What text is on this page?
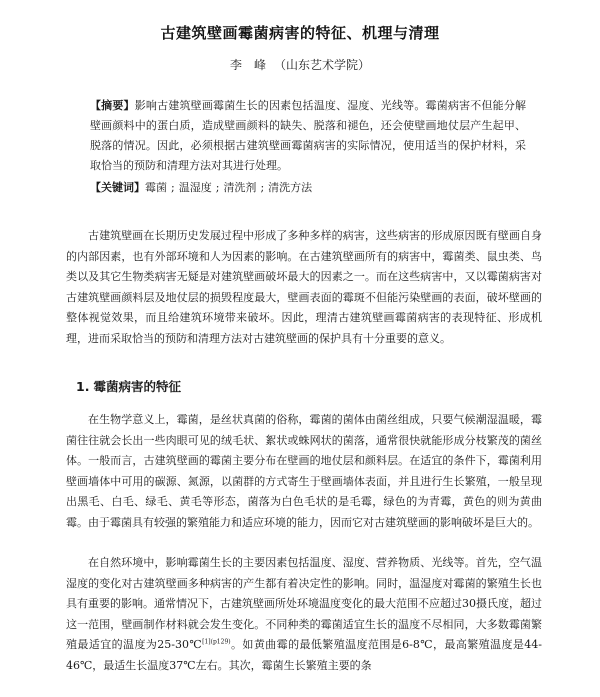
古建筑壁画霉菌病害的特征、机理与清理
李　峰 （山东艺术学院）

【摘要】影响古建筑壁画霉菌生长的因素包括温度、湿度、光线等。霉菌病害不但能分解壁画颜料中的蛋白质，造成壁画颜料的缺失、脱落和褪色，还会使壁画地仗层产生起甲、脱落的情况。因此，必须根据古建筑壁画霉菌病害的实际情况，使用适当的保护材料，采取恰当的预防和清理方法对其进行处理。

【关键词】霉菌 ; 温湿度 ; 清洗剂 ; 清洗方法

古建筑壁画在长期历史发展过程中形成了多种多样的病害，这些病害的形成原因既有壁画自身的内部因素，也有外部环境和人为因素的影响。在古建筑壁画所有的病害中，霉菌类、鼠虫类、鸟类以及其它生物类病害无疑是对建筑壁画破坏最大的因素之一。而在这些病害中，又以霉菌病害对古建筑壁画颜料层及地仗层的损毁程度最大，壁画表面的霉斑不但能污染壁画的表面，破坏壁画的整体视觉效果，而且给建筑环境带来破坏。因此，理清古建筑壁画霉菌病害的表现特征、形成机理，进而采取恰当的预防和清理方法对古建筑壁画的保护具有十分重要的意义。

1. 霉菌病害的特征

在生物学意义上，霉菌，是丝状真菌的俗称，霉菌的菌体由菌丝组成，只要气候潮湿温暖，霉菌往往就会长出一些肉眼可见的绒毛状、絮状或蛛网状的菌落，通常很快就能形成分枝繁茂的菌丝体。一般而言，古建筑壁画的霉菌主要分布在壁画的地仗层和颜料层。在适宜的条件下，霉菌利用壁画墙体中可用的碳源、氮源，以菌群的方式寄生于壁画墙体表面，并且进行生长繁殖，一般呈现出黑毛、白毛、绿毛、黄毛等形态，菌落为白色毛状的是毛霉，绿色的为青霉，黄色的则为黄曲霉。由于霉菌具有较强的繁殖能力和适应环境的能力，因而它对古建筑壁画的影响破坏是巨大的。

在自然环境中，影响霉菌生长的主要因素包括温度、湿度、营养物质、光线等。首先，空气温湿度的变化对古建筑壁画多种病害的产生都有着决定性的影响。同时，温湿度对霉菌的繁殖生长也具有重要的影响。通常情况下，古建筑壁画所处环境温度变化的最大范围不应超过30摄氏度，超过这一范围，壁画制作材料就会发生变化。不同种类的霉菌适宜生长的温度不尽相同，大多数霉菌繁殖最适宜的温度为25-30℃$^{[1](p129)}$。如黄曲霉的最低繁殖温度范围是6-8℃，最高繁殖温度是44-46℃，最适生长温度37℃左右。其次，霉菌生长繁殖主要的条
